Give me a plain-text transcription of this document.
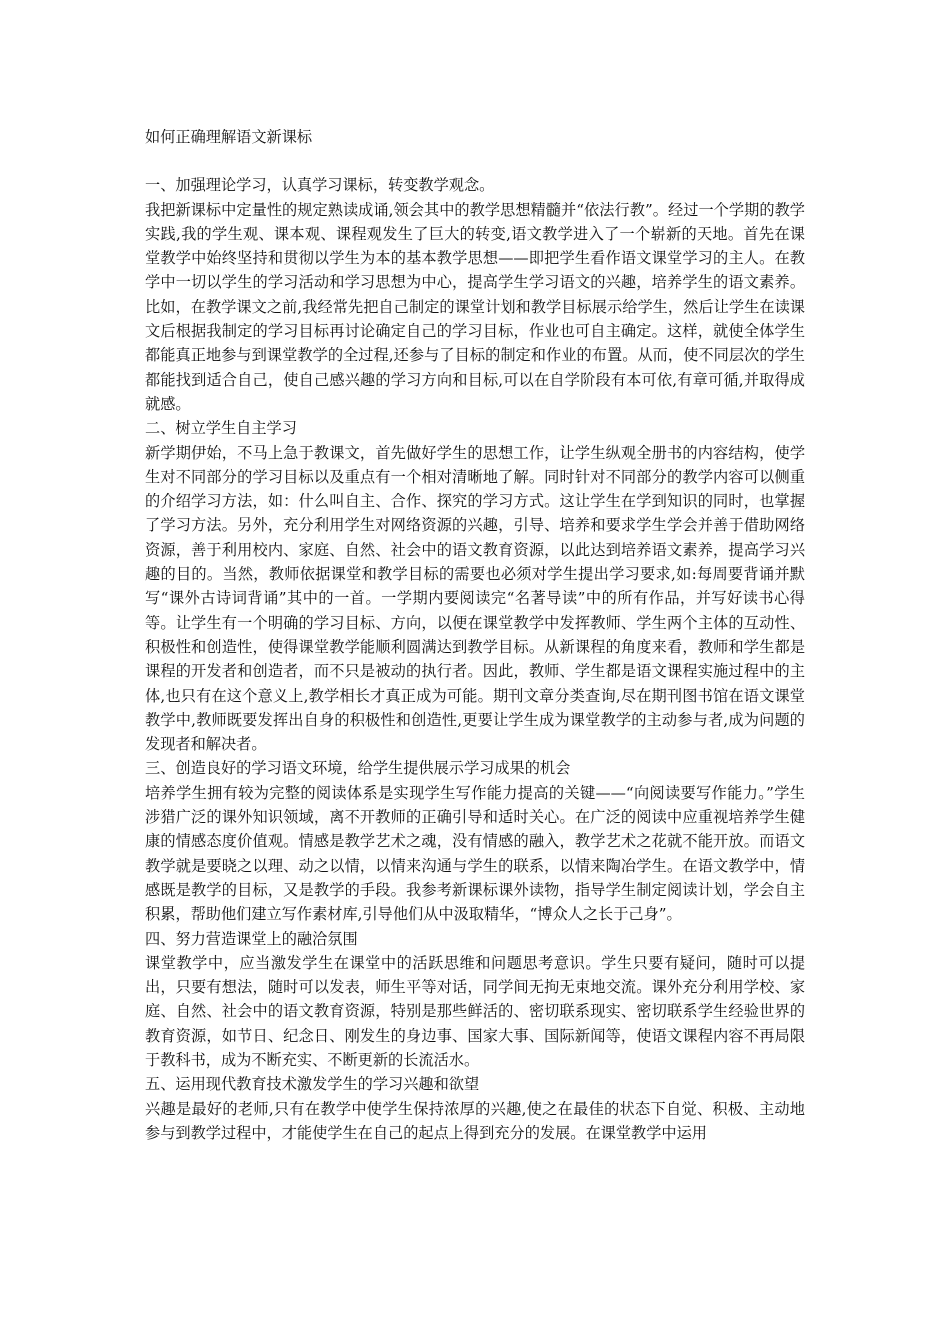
如何正确理解语文新课标

一、加强理论学习，认真学习课标，转变教学观念。

我把新课标中定量性的规定熟读成诵,领会其中的教学思想精髓并“依法行教”。经过一个学期的教学实践,我的学生观、课本观、课程观发生了巨大的转变,语文教学进入了一个崭新的天地。首先在课堂教学中始终坚持和贯彻以学生为本的基本教学思想——即把学生看作语文课堂学习的主人。在教学中一切以学生的学习活动和学习思想为中心，提高学生学习语文的兴趣，培养学生的语文素养。比如，在教学课文之前,我经常先把自己制定的课堂计划和教学目标展示给学生，然后让学生在读课文后根据我制定的学习目标再讨论确定自己的学习目标，作业也可自主确定。这样，就使全体学生都能真正地参与到课堂教学的全过程,还参与了目标的制定和作业的布置。从而，使不同层次的学生都能找到适合自己，使自己感兴趣的学习方向和目标,可以在自学阶段有本可依,有章可循,并取得成就感。

二、树立学生自主学习

新学期伊始，不马上急于教课文，首先做好学生的思想工作，让学生纵观全册书的内容结构，使学生对不同部分的学习目标以及重点有一个相对清晰地了解。同时针对不同部分的教学内容可以侧重的介绍学习方法，如：什么叫自主、合作、探究的学习方式。这让学生在学到知识的同时，也掌握了学习方法。另外，充分利用学生对网络资源的兴趣，引导、培养和要求学生学会并善于借助网络资源，善于利用校内、家庭、自然、社会中的语文教育资源，以此达到培养语文素养，提高学习兴趣的目的。当然，教师依据课堂和教学目标的需要也必须对学生提出学习要求,如:每周要背诵并默写“课外古诗词背诵”其中的一首。一学期内要阅读完“名著导读”中的所有作品，并写好读书心得等。让学生有一个明确的学习目标、方向，以便在课堂教学中发挥教师、学生两个主体的互动性、积极性和创造性，使得课堂教学能顺利圆满达到教学目标。从新课程的角度来看，教师和学生都是课程的开发者和创造者，而不只是被动的执行者。因此，教师、学生都是语文课程实施过程中的主体,也只有在这个意义上,教学相长才真正成为可能。期刊文章分类查询,尽在期刊图书馆在语文课堂教学中,教师既要发挥出自身的积极性和创造性,更要让学生成为课堂教学的主动参与者,成为问题的发现者和解决者。

三、创造良好的学习语文环境，给学生提供展示学习成果的机会

培养学生拥有较为完整的阅读体系是实现学生写作能力提高的关键——“向阅读要写作能力。”学生涉猎广泛的课外知识领域，离不开教师的正确引导和适时关心。在广泛的阅读中应重视培养学生健康的情感态度价值观。情感是教学艺术之魂，没有情感的融入，教学艺术之花就不能开放。而语文教学就是要晓之以理、动之以情，以情来沟通与学生的联系，以情来陶冶学生。在语文教学中，情感既是教学的目标，又是教学的手段。我参考新课标课外读物，指导学生制定阅读计划，学会自主积累，帮助他们建立写作素材库,引导他们从中汲取精华，“博众人之长于己身”。

四、努力营造课堂上的融洽氛围

课堂教学中，应当激发学生在课堂中的活跃思维和问题思考意识。学生只要有疑问，随时可以提出，只要有想法，随时可以发表，师生平等对话，同学间无拘无束地交流。课外充分利用学校、家庭、自然、社会中的语文教育资源，特别是那些鲜活的、密切联系现实、密切联系学生经验世界的教育资源，如节日、纪念日、刚发生的身边事、国家大事、国际新闻等，使语文课程内容不再局限于教科书，成为不断充实、不断更新的长流活水。

五、运用现代教育技术激发学生的学习兴趣和欲望

兴趣是最好的老师,只有在教学中使学生保持浓厚的兴趣,使之在最佳的状态下自觉、积极、主动地参与到教学过程中，才能使学生在自己的起点上得到充分的发展。在课堂教学中运用
